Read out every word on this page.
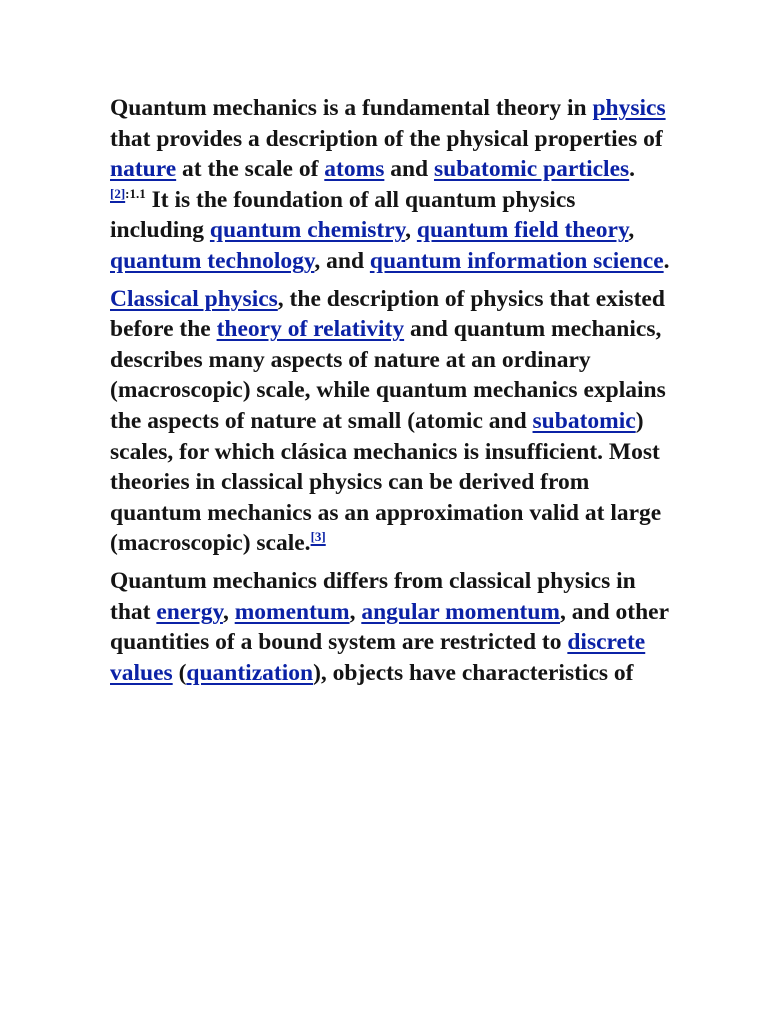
Quantum mechanics is a fundamental theory in physics that provides a description of the physical properties of nature at the scale of atoms and subatomic particles.$^{[2]:1.1}$ It is the foundation of all quantum physics including quantum chemistry, quantum field theory, quantum technology, and quantum information science.

Classical physics, the description of physics that existed before the theory of relativity and quantum mechanics, describes many aspects of nature at an ordinary (macroscopic) scale, while quantum mechanics explains the aspects of nature at small (atomic and subatomic) scales, for which clásica mechanics is insufficient. Most theories in classical physics can be derived from quantum mechanics as an approximation valid at large (macroscopic) scale.[3]

Quantum mechanics differs from classical physics in that energy, momentum, angular momentum, and other quantities of a bound system are restricted to discrete values (quantization), objects have characteristics of
